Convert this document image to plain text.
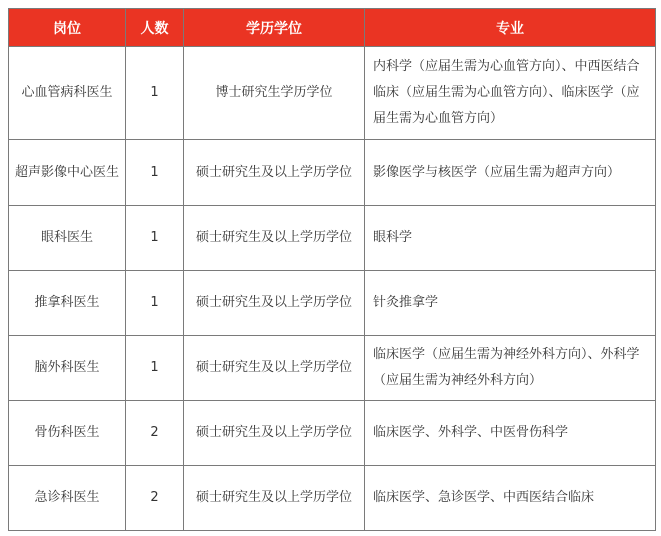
岗位	人数	学历学位	专业
心血管病科医生	1	博士研究生学历学位	内科学（应届生需为心血管方向）、中西医结合临床（应届生需为心血管方向）、临床医学（应届生需为心血管方向）
超声影像中心医生	1	硕士研究生及以上学历学位	影像医学与核医学（应届生需为超声方向）
眼科医生	1	硕士研究生及以上学历学位	眼科学
推拿科医生	1	硕士研究生及以上学历学位	针灸推拿学
脑外科医生	1	硕士研究生及以上学历学位	临床医学（应届生需为神经外科方向）、外科学（应届生需为神经外科方向）
骨伤科医生	2	硕士研究生及以上学历学位	临床医学、外科学、中医骨伤科学
急诊科医生	2	硕士研究生及以上学历学位	临床医学、急诊医学、中西医结合临床
